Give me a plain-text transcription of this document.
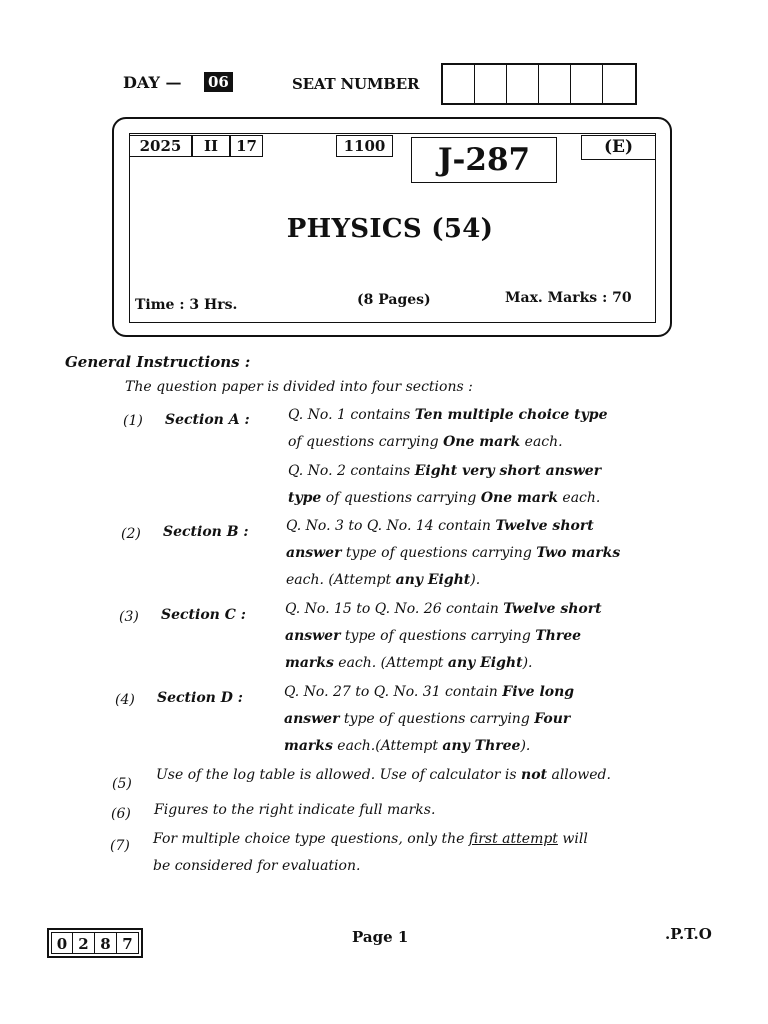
DAY — 06	SEAT NUMBER
2025	II	17	1100	J-287	(E)
PHYSICS (54)
Time : 3 Hrs.	(8 Pages)	Max. Marks : 70
General Instructions :
The question paper is divided into four sections :
(1) Section A :	Q. No. 1 contains Ten multiple choice type
of questions carrying One mark each.
Q. No. 2 contains Eight very short answer
type of questions carrying One mark each.
(2) Section B :	Q. No. 3 to Q. No. 14 contain Twelve short
answer type of questions carrying Two marks
each. (Attempt any Eight).
(3) Section C :	Q. No. 15 to Q. No. 26 contain Twelve short
answer type of questions carrying Three
marks each. (Attempt any Eight).
(4) Section D :	Q. No. 27 to Q. No. 31 contain Five long
answer type of questions carrying Four
marks each.(Attempt any Three).
(5)
Use of the log table is allowed. Use of calculator is not allowed.
(6) Figures to the right indicate full marks.
(7) For multiple choice type questions, only the first attempt will
be considered for evaluation.
0 2 8 7	Page 1	.P.T.O
